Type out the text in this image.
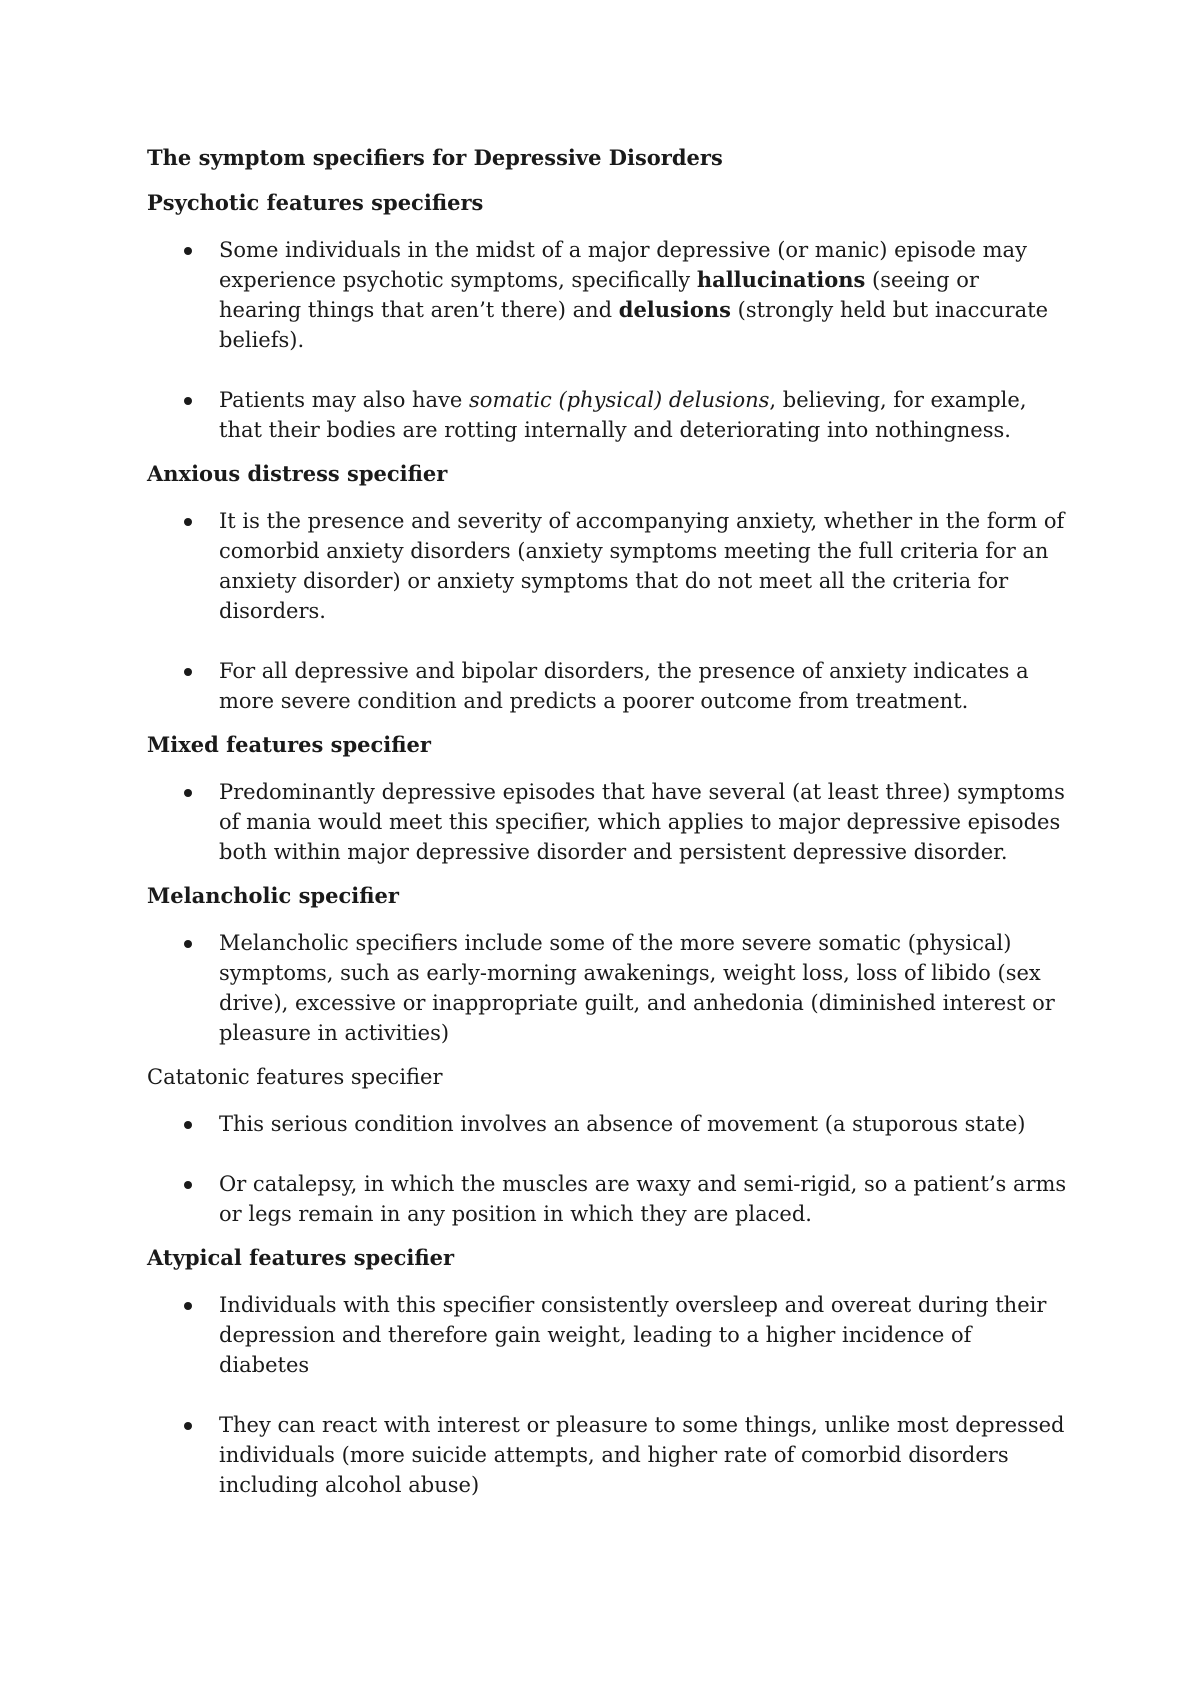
The symptom specifiers for Depressive Disorders
Psychotic features specifiers
Some individuals in the midst of a major depressive (or manic) episode may experience psychotic symptoms, specifically hallucinations (seeing or hearing things that aren’t there) and delusions (strongly held but inaccurate beliefs).
Patients may also have somatic (physical) delusions, believing, for example, that their bodies are rotting internally and deteriorating into nothingness.
Anxious distress specifier
It is the presence and severity of accompanying anxiety, whether in the form of comorbid anxiety disorders (anxiety symptoms meeting the full criteria for an anxiety disorder) or anxiety symptoms that do not meet all the criteria for disorders.
For all depressive and bipolar disorders, the presence of anxiety indicates a more severe condition and predicts a poorer outcome from treatment.
Mixed features specifier
Predominantly depressive episodes that have several (at least three) symptoms of mania would meet this specifier, which applies to major depressive episodes both within major depressive disorder and persistent depressive disorder.
Melancholic specifier
Melancholic specifiers include some of the more severe somatic (physical) symptoms, such as early-morning awakenings, weight loss, loss of libido (sex drive), excessive or inappropriate guilt, and anhedonia (diminished interest or pleasure in activities)
Catatonic features specifier
This serious condition involves an absence of movement (a stuporous state)
Or catalepsy, in which the muscles are waxy and semi-rigid, so a patient’s arms or legs remain in any position in which they are placed.
Atypical features specifier
Individuals with this specifier consistently oversleep and overeat during their depression and therefore gain weight, leading to a higher incidence of diabetes
They can react with interest or pleasure to some things, unlike most depressed individuals (more suicide attempts, and higher rate of comorbid disorders including alcohol abuse)
